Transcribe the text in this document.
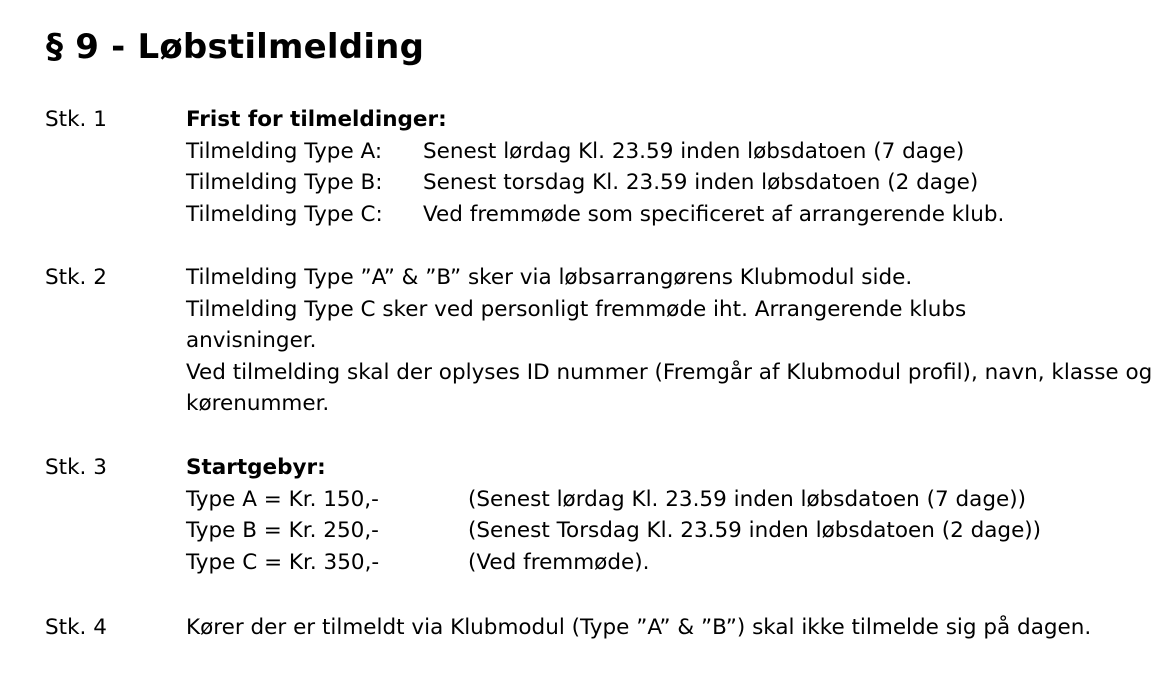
§ 9 - Løbstilmelding
Stk. 1	Frist for tilmeldinger:
Tilmelding Type A: Senest lørdag Kl. 23.59 inden løbsdatoen (7 dage)
Tilmelding Type B: Senest torsdag Kl. 23.59 inden løbsdatoen (2 dage)
Tilmelding Type C: Ved fremmøde som specificeret af arrangerende klub.
Stk. 2	Tilmelding Type ”A” & ”B” sker via løbsarrangørens Klubmodul side.
Tilmelding Type C sker ved personligt fremmøde iht. Arrangerende klubs anvisninger.
Ved tilmelding skal der oplyses ID nummer (Fremgår af Klubmodul profil), navn, klasse og kørenummer.
Stk. 3	Startgebyr:
Type A = Kr. 150,-	(Senest lørdag Kl. 23.59 inden løbsdatoen (7 dage))
Type B = Kr. 250,-	(Senest Torsdag Kl. 23.59 inden løbsdatoen (2 dage))
Type C = Kr. 350,-	(Ved fremmøde).
Stk. 4	Kører der er tilmeldt via Klubmodul (Type ”A” & ”B”) skal ikke tilmelde sig på dagen.
